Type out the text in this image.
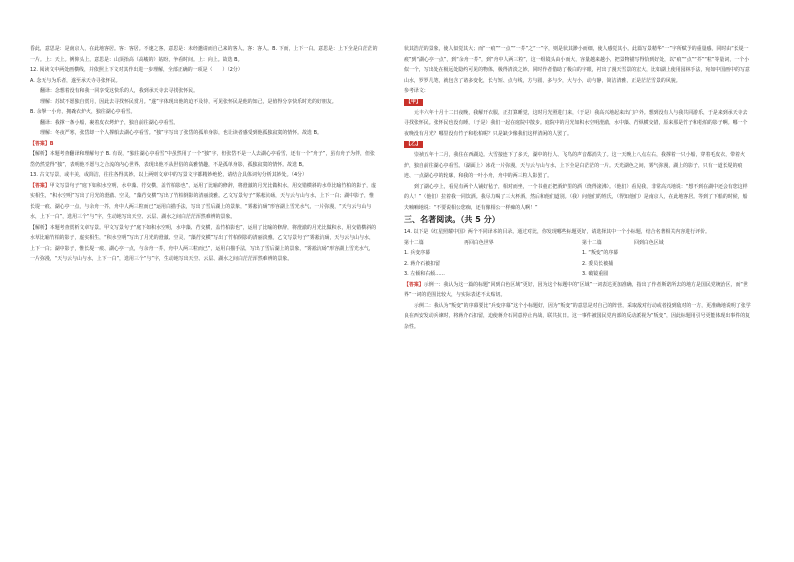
昏此，意思是：是南京人，在此地客居。客：客居。不速之客，意思是：未经邀请而自己来的客人。客：客人。B. 下而，上下一白。意思是：上下全是白茫茫的一片。上：天上。例仰头上，意思是：山顶抬高（高峻的）姑盼，争看时间。上：向上。故选 B。

12. 阅读文中两处画横线，并依照上下文对其作出进一步理解，全部正确的一项是（　　）（2分）

A. 念无与为乐者，遂至承天寺寻张怀民。

翻译：念想着没有和我一同享受这快乐的人，我到承天寺去寻找张怀民。

理解：苏轼不愿独自赏月，因此去寻找怀民赏月。“遂”字体现出他的迫不及待，可见张怀民是他的知己，是值得分享快乐时光的好朋友。

B. 余拏一小舟，拥毳衣炉火，独往湖心亭看雪。

翻译：我撑一条小船，裹着皮衣烤炉子，独自前往湖心亭看雪。

理解：冬夜严寒，张岱却一个人撑船去湖心亭看雪。“独”字写出了张岱的孤单身影，也让读者感受到他孤独寂寞的情怀。故选 B。

【答案】B

【解析】本题考查翻译和理解句子 B. 有误，“独往湖心亭看雪”中虽然用了一个“独”字，但张岱不是一人去湖心亭看雪，还有一个“舟子”，虽有舟子为伴，但张岱仍然觉得“独”，表明他不愿与之合流的内心世界，表现出他不从世俗的高雅情趣，不是孤单身影，孤独寂寞的情怀。故选 B。

13. 古文写景，或丰美，或简洁，往往各得其妙。以上两则文章中的写景文字都精妙绝伦，请结合具体词句分析其妙处。（4分）

【答案】甲文写景句子“庭下如积水空明，水中藻、荇交横，盖竹柏影也”，运用了比喻的修辞，将澄澈的月光比做积水，用交错横斜的水草比喻竹柏的影子，虚实相生，“积水空明”写出了月光的澄澈、空灵，“藻荇交横”写出了竹柏倒影的清丽淡雅。乙文写景句子“雾凇沆砀，天与云与山与水，上下一白；湖中影子，惟长堤一痕、湖心亭一点，与余舟一芥，舟中人两三粒而已”运用白描手法，写出了雪后湖上的景象，“雾凇沆砀”形容湖上雪光水气，一片弥漫，“天与云与山与水，上下一白”，选用三个“与”字，生动地写出天空、云层、湖水之间白茫茫浑然难辨的景象。

【解析】本题考查赏析文章写景。甲文写景句子“庭下如积水空明，水中藻、荇交横，盖竹柏影也”，运用了比喻的修辞，将澄澈的月光比做积水，用交错横斜的水草比喻竹柏的影子，虚实相生，“积水空明”写出了月光的澄澈、空灵，“藻荇交横”写出了竹柏倒影的清丽淡雅。乙文写景句子“雾凇沆砀，天与云与山与水，上下一白；湖中影子，惟长堤一痕、湖心亭一点，与余舟一芥，舟中人两三粒而已”，运用白描手法，写出了雪后湖上的景象，“雾凇沆砀”形容湖上雪光水气，一片弥漫，“天与云与山与水，上下一白”，选用三个“与”字，生动地写出天空、云层、湖水之间白茫茫浑然难辨的景象。

状其浩茫的景象，使人似觉其大；而“一痕”“一点”“一芥”之“一”字，则是状其渺小而细，使人感觉其小。此篇写景精华“一”字所赋予的重量感。同时由“长堤一痕”到“湖心亭一点”，到“余舟一芥”，到“舟中人两三粒”，这一组镜头由小而大，容量越来越小，把景物描写得恰到好处，以“痕”“点”“芥”“粒”等量词，一个小似一个，写出处在极远处隐约可见的物体，极得清淡之妙。同时作者借助了极白的字眼，衬出了漫天雪景的宏大，比如湖上使用园林手法，宛如中国画中的写意山水，罗罗几笔，就包含了诸多变化，长与短、点与线，方与圆，多与少，大与小，动与静，简洁清雅，正是茫茫雪景的风貌。

参考译文：

【甲】

元丰六年十月十二日夜晚，我解开衣服，正打算睡觉，这时月光照进门来，（于是）我高兴地起来出门户外。想到没有人与我共同游乐，于是来到承天寺去寻找张怀民。张怀民也没有睡，（于是）我们一起在庭院中散步。庭院中的月光如积水空明澄澈，水中藻、荇纵横交错，原来那是竹子和松柏的影子啊。哪一个夜晚没有月光？哪里没有竹子和松柏呢？只是缺少像我们这样清闲的人罢了。

【乙】

崇祯五年十二月，我住在西湖边。大雪接连下了多天，湖中的行人、飞鸟的声音都消失了。这一天晚上八点左右，我撑着一只小船，穿着毛皮衣，带着火炉，独自前往湖心亭看雪。（湖面上）冰花一片弥漫，天与云与山与水，上下全是白茫茫的一片。天光湖色之间，雾气弥漫，湖上的影子，只有一道长堤的痕迹、一点湖心亭的轮廓，和我的一叶小舟，舟中的两三粒人影罢了。

到了湖心亭上，看见有两个人铺好毡子，相对而坐，一个书童正把酒炉里的酒（烧得滚沸）。（他们）看见我，非常高兴地说：“想不到在湖中还会有您这样的人！”（他们）拉着我一同饮酒。我尽力喝了三大杯酒，然后和他们道别。（我）问他们的姓氏，（得知他们）是南京人，在此地客居。等到了下船的时候，船夫喃喃地说：“不要说相公您痴，还有像相公一样痴的人啊！”

三、名著阅读。（共 5 分）

14. 以下是《红星照耀中国》两个不同译本的目录。通过对比，你发现哪些标题更好，请选择其中一个小标题，结合名著相关内容进行评价。

第十二篇	再回白色世界	第十二篇	回到白色区域
1. 兵变序幕	1. “叛变”的序幕
2. 蒋介石被扣留	2. 委员长被捕
3. 左倾和右倾……	3. 破镜重圆

【答案】示例一：我认为这一篇的标题“回到白色区域”更好，因为这个标题中的“区域”一词表达更加准确，指出了作者斯诺所去的地方是国民党统治区，而“世界”一词的范围比较大，与实际表述不太贴切。

示例二：我认为“叛变”的序幕要比“兵变序幕”这个小标题好，因为“叛变”的意思是对自己的阵营，采取敌对行动或者投到敌对的一方，更准确地说明了张学良在西安发动兵谏时，将蒋介石扣留，迫使蒋介石同意停止内战，联共抗日。这一事件被国民党内部的反动派视为“叛变”，因此标题用引号更能体现出事件的复杂性。
